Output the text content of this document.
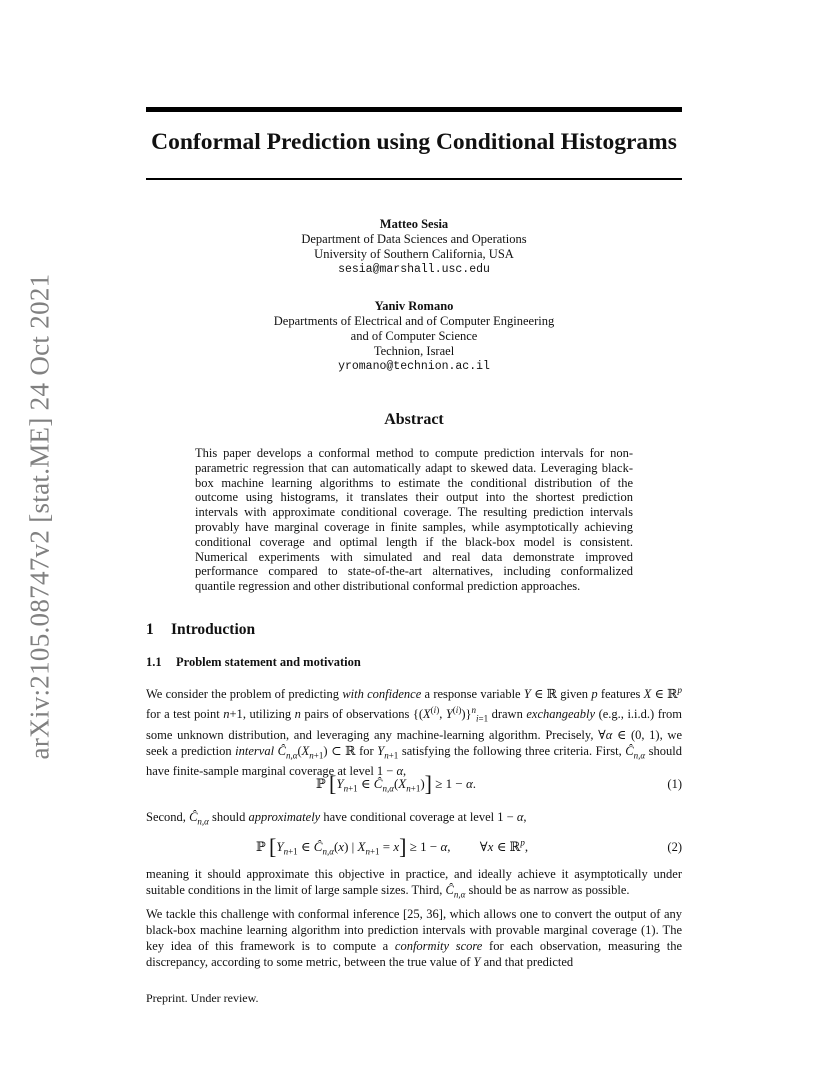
arXiv:2105.08747v2 [stat.ME] 24 Oct 2021
Conformal Prediction using Conditional Histograms
Matteo Sesia
Department of Data Sciences and Operations
University of Southern California, USA
sesia@marshall.usc.edu
Yaniv Romano
Departments of Electrical and of Computer Engineering
and of Computer Science
Technion, Israel
yromano@technion.ac.il
Abstract
This paper develops a conformal method to compute prediction intervals for non-parametric regression that can automatically adapt to skewed data. Leveraging black-box machine learning algorithms to estimate the conditional distribution of the outcome using histograms, it translates their output into the shortest prediction intervals with approximate conditional coverage. The resulting prediction intervals provably have marginal coverage in finite samples, while asymptotically achieving conditional coverage and optimal length if the black-box model is consistent. Numerical experiments with simulated and real data demonstrate improved performance compared to state-of-the-art alternatives, including conformalized quantile regression and other distributional conformal prediction approaches.
1 Introduction
1.1 Problem statement and motivation
We consider the problem of predicting with confidence a response variable Y ∈ ℝ given p features X ∈ ℝ$^p$ for a test point n+1, utilizing n pairs of observations {($X^{(i)}$, $Y^{(i)})\}^n_{i=1}$ drawn exchangeably (e.g., i.i.d.) from some unknown distribution, and leveraging any machine-learning algorithm. Precisely, ∀α ∈ (0, 1), we seek a prediction interval $Ĉ_{n,\alpha}(X_{n+1})$ ⊂ ℝ for $Y_{n+1}$ satisfying the following three criteria. First, $Ĉ_{n,\alpha}$ should have finite-sample marginal coverage at level 1 − α,
ℙ [$Y_{n+1}$ ∈ $Ĉ_{n,\alpha}(X_{n+1})] \ge 1 - \alpha$.	(1)
Second, $Ĉ_{n,\alpha}$ should approximately have conditional coverage at level 1 − α,
ℙ [$Y_{n+1}$ ∈ $Ĉ_{n,\alpha}(x)$ | $X_{n+1} = x] \ge 1 - \alpha$,         ∀x ∈ ℝ$^p$,	(2)
meaning it should approximate this objective in practice, and ideally achieve it asymptotically under suitable conditions in the limit of large sample sizes. Third, $Ĉ_{n,\alpha}$ should be as narrow as possible.
We tackle this challenge with conformal inference [25, 36], which allows one to convert the output of any black-box machine learning algorithm into prediction intervals with provable marginal coverage (1). The key idea of this framework is to compute a conformity score for each observation, measuring the discrepancy, according to some metric, between the true value of Y and that predicted
Preprint. Under review.
